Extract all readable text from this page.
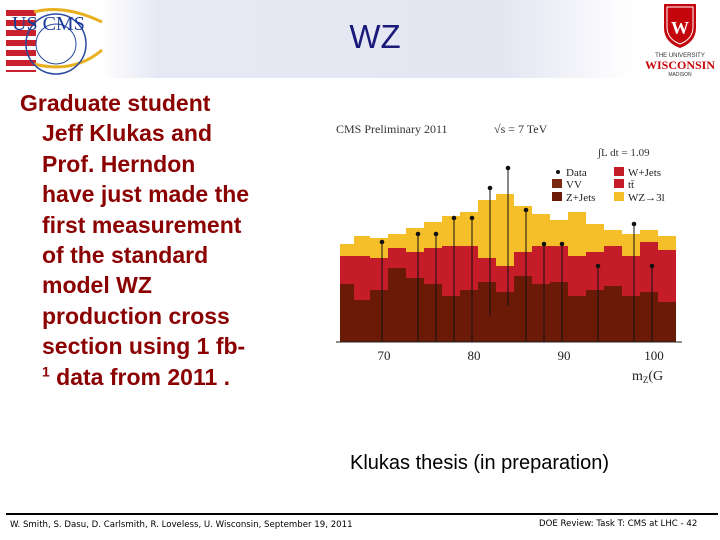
US CMS	W
THE UNIVERSITY
WISCONSIN
MADISON
WZ
Graduate student
Jeff Klukas and
Prof. Herndon
have just made the
first measurement
of the standard
model WZ
production cross
section using 1 fb-
$^1$ data from 2011 .
CMS Preliminary 2011	√s = 7 TeV
∫L dt = 1.09
Data	W+Jets
VV	tt̄
Z+Jets	WZ→3l
70	80	90	100
$m_Z(G$
Klukas thesis (in preparation)
W. Smith, S. Dasu, D. Carlsmith, R. Loveless, U. Wisconsin, September 19, 2011	DOE Review: Task T: CMS at LHC - 42
